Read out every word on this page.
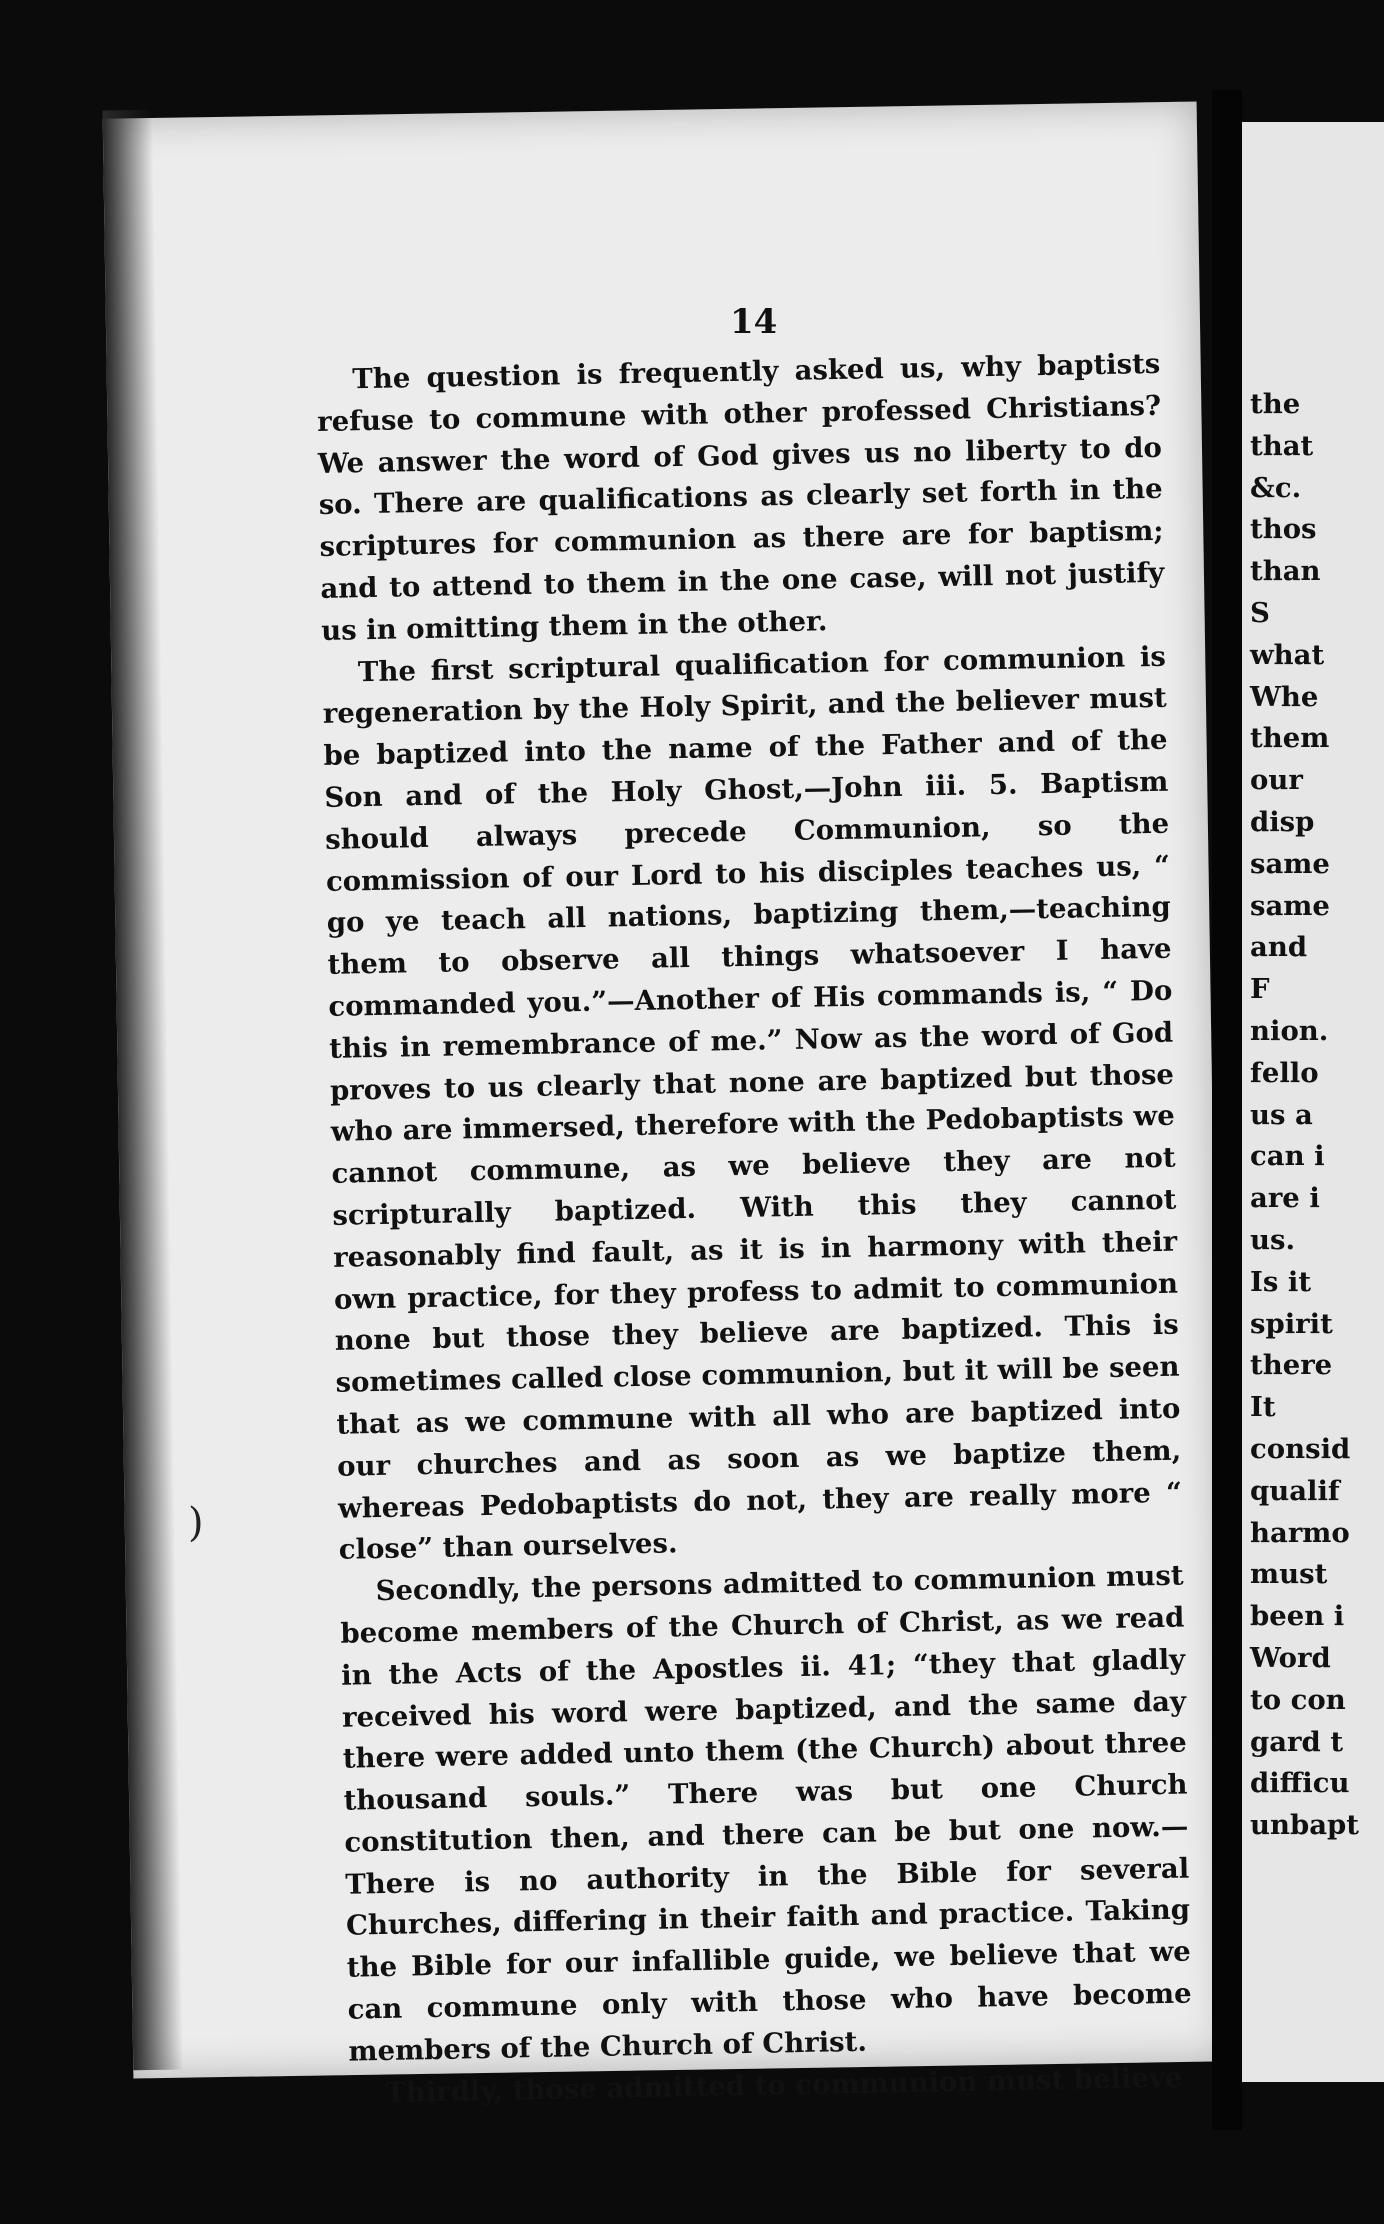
the
that
&c.
thos
than
S
what
Whe
them
our
disp
same
same
and
F
nion.
fello
us a
can i
are i
us.
Is it
spirit
there
It
consid
qualif
harmo
must
been i
Word
to con
gard t
difficu
unbapt
14

The question is frequently asked us, why baptists refuse to commune with other professed Christians? We answer the word of God gives us no liberty to do so. There are qualifications as clearly set forth in the scriptures for communion as there are for baptism; and to attend to them in the one case, will not justify us in omitting them in the other.

The first scriptural qualification for communion is regeneration by the Holy Spirit, and the believer must be baptized into the name of the Father and of the Son and of the Holy Ghost,—John iii. 5. Baptism should always precede Communion, so the commission of our Lord to his disciples teaches us, “ go ye teach all nations, baptizing them,—teaching them to observe all things whatsoever I have commanded you.”—Another of His commands is, “ Do this in remembrance of me.” Now as the word of God proves to us clearly that none are baptized but those who are immersed, therefore with the Pedobaptists we cannot commune, as we believe they are not scripturally baptized. With this they cannot reasonably find fault, as it is in harmony with their own practice, for they profess to admit to communion none but those they believe are baptized. This is sometimes called close communion, but it will be seen that as we commune with all who are baptized into our churches and as soon as we baptize them, whereas Pedobaptists do not, they are really more “ close” than ourselves.

Secondly, the persons admitted to communion must become members of the Church of Christ, as we read in the Acts of the Apostles ii. 41; “they that gladly received his word were baptized, and the same day there were added unto them (the Church) about three thousand souls.” There was but one Church constitution then, and there can be but one now.—There is no authority in the Bible for several Churches, differing in their faith and practice. Taking the Bible for our infallible guide, we believe that we can commune only with those who have become members of the Church of Christ.

Thirdly, those admitted to communion must believe

)
